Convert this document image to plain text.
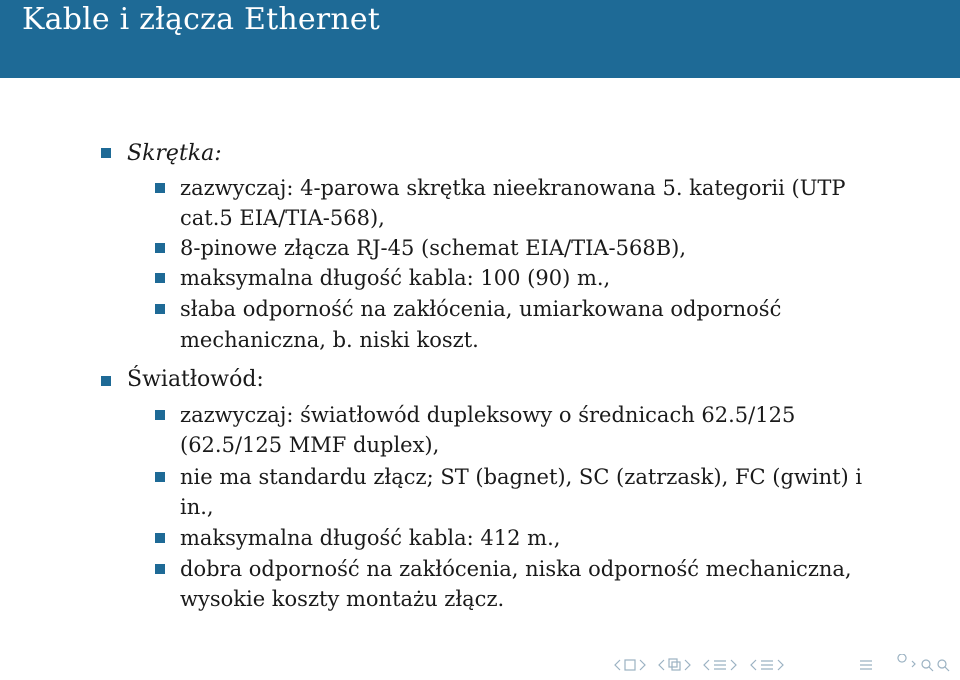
Kable i złącza Ethernet
Skrętka:
zazwyczaj: 4-parowa skrętka nieekranowana 5. kategorii (UTP
cat.5 EIA/TIA-568),
8-pinowe złącza RJ-45 (schemat EIA/TIA-568B),
maksymalna długość kabla: 100 (90) m.,
słaba odporność na zakłócenia, umiarkowana odporność
mechaniczna, b. niski koszt.
Światłowód:
zazwyczaj: światłowód dupleksowy o średnicach 62.5/125
(62.5/125 MMF duplex),
nie ma standardu złącz; ST (bagnet), SC (zatrzask), FC (gwint) i
in.,
maksymalna długość kabla: 412 m.,
dobra odporność na zakłócenia, niska odporność mechaniczna,
wysokie koszty montażu złącz.
